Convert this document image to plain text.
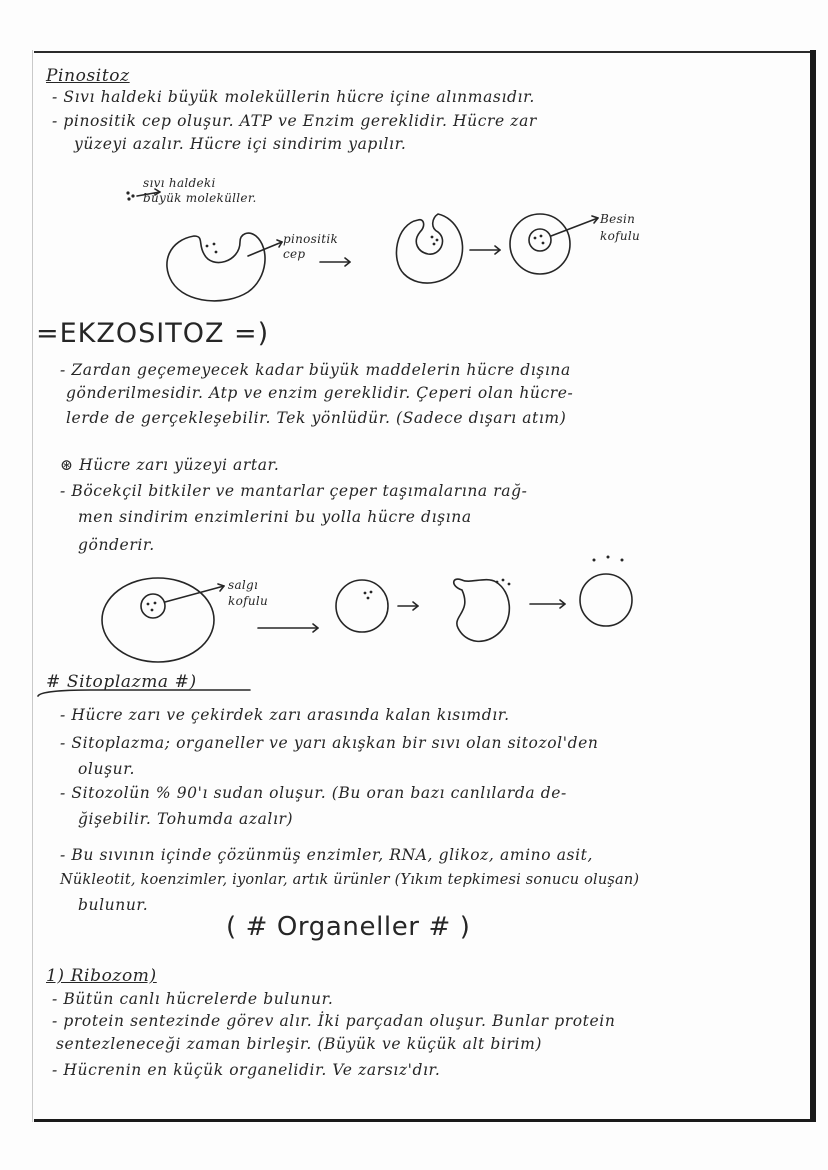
Pinositoz
- Sıvı haldeki büyük moleküllerin hücre içine alınmasıdır.
- pinositik cep oluşur. ATP ve Enzim gereklidir. Hücre zar
yüzeyi azalır. Hücre içi sindirim yapılır.
sıvı haldeki
büyük moleküller.
pinositik
cep
Besin
kofulu
=EKZOSITOZ =)
- Zardan geçemeyecek kadar büyük maddelerin hücre dışına
gönderilmesidir. Atp ve enzim gereklidir. Çeperi olan hücre-
lerde de gerçekleşebilir. Tek yönlüdür. (Sadece dışarı atım)
⊛ Hücre zarı yüzeyi artar.
- Böcekçil bitkiler ve mantarlar çeper taşımalarına rağ-
men sindirim enzimlerini bu yolla hücre dışına
gönderir.
salgı
kofulu
# Sitoplazma #)
- Hücre zarı ve çekirdek zarı arasında kalan kısımdır.
- Sitoplazma; organeller ve yarı akışkan bir sıvı olan sitozol'den
oluşur.
- Sitozolün % 90'ı sudan oluşur. (Bu oran bazı canlılarda de-
ğişebilir. Tohumda azalır)
- Bu sıvının içinde çözünmüş enzimler, RNA, glikoz, amino asit,
Nükleotit, koenzimler, iyonlar, artık ürünler (Yıkım tepkimesi sonucu oluşan)
bulunur.
( # Organeller # )
1) Ribozom)
- Bütün canlı hücrelerde bulunur.
- protein sentezinde görev alır. İki parçadan oluşur. Bunlar protein
sentezleneceği zaman birleşir. (Büyük ve küçük alt birim)
- Hücrenin en küçük organelidir. Ve zarsız'dır.
